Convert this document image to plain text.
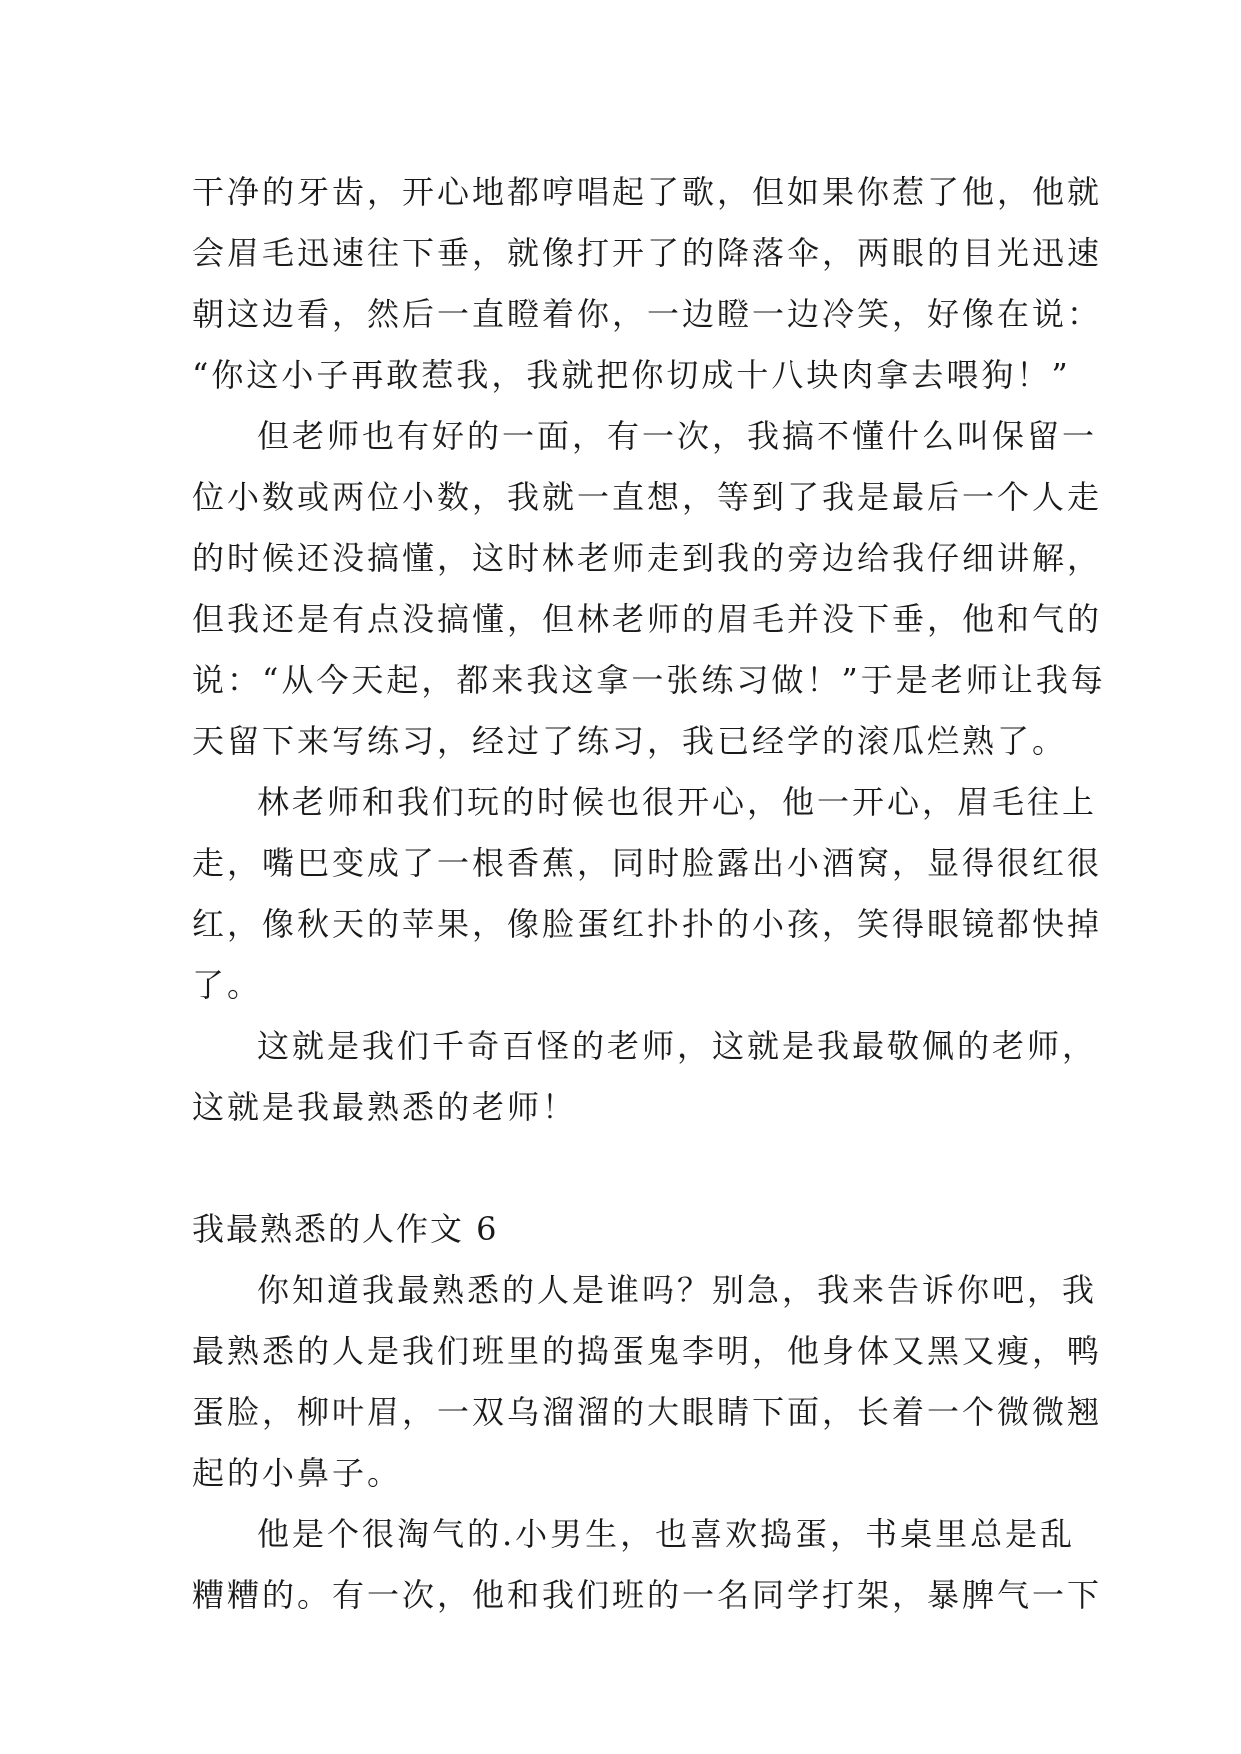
干净的牙齿，开心地都哼唱起了歌，但如果你惹了他，他就
会眉毛迅速往下垂，就像打开了的降落伞，两眼的目光迅速
朝这边看，然后一直瞪着你，一边瞪一边冷笑，好像在说：
“你这小子再敢惹我，我就把你切成十八块肉拿去喂狗！”
但老师也有好的一面，有一次，我搞不懂什么叫保留一
位小数或两位小数，我就一直想，等到了我是最后一个人走
的时候还没搞懂，这时林老师走到我的旁边给我仔细讲解，
但我还是有点没搞懂，但林老师的眉毛并没下垂，他和气的
说：“从今天起，都来我这拿一张练习做！”于是老师让我每
天留下来写练习，经过了练习，我已经学的滚瓜烂熟了。
林老师和我们玩的时候也很开心，他一开心，眉毛往上
走，嘴巴变成了一根香蕉，同时脸露出小酒窝，显得很红很
红，像秋天的苹果，像脸蛋红扑扑的小孩，笑得眼镜都快掉
了。
这就是我们千奇百怪的老师，这就是我最敬佩的老师，
这就是我最熟悉的老师！
我最熟悉的人作文 6
你知道我最熟悉的人是谁吗？别急，我来告诉你吧，我
最熟悉的人是我们班里的捣蛋鬼李明，他身体又黑又瘦，鸭
蛋脸，柳叶眉，一双乌溜溜的大眼睛下面，长着一个微微翘
起的小鼻子。
他是个很淘气的.小男生，也喜欢捣蛋，书桌里总是乱
糟糟的。有一次，他和我们班的一名同学打架，暴脾气一下
